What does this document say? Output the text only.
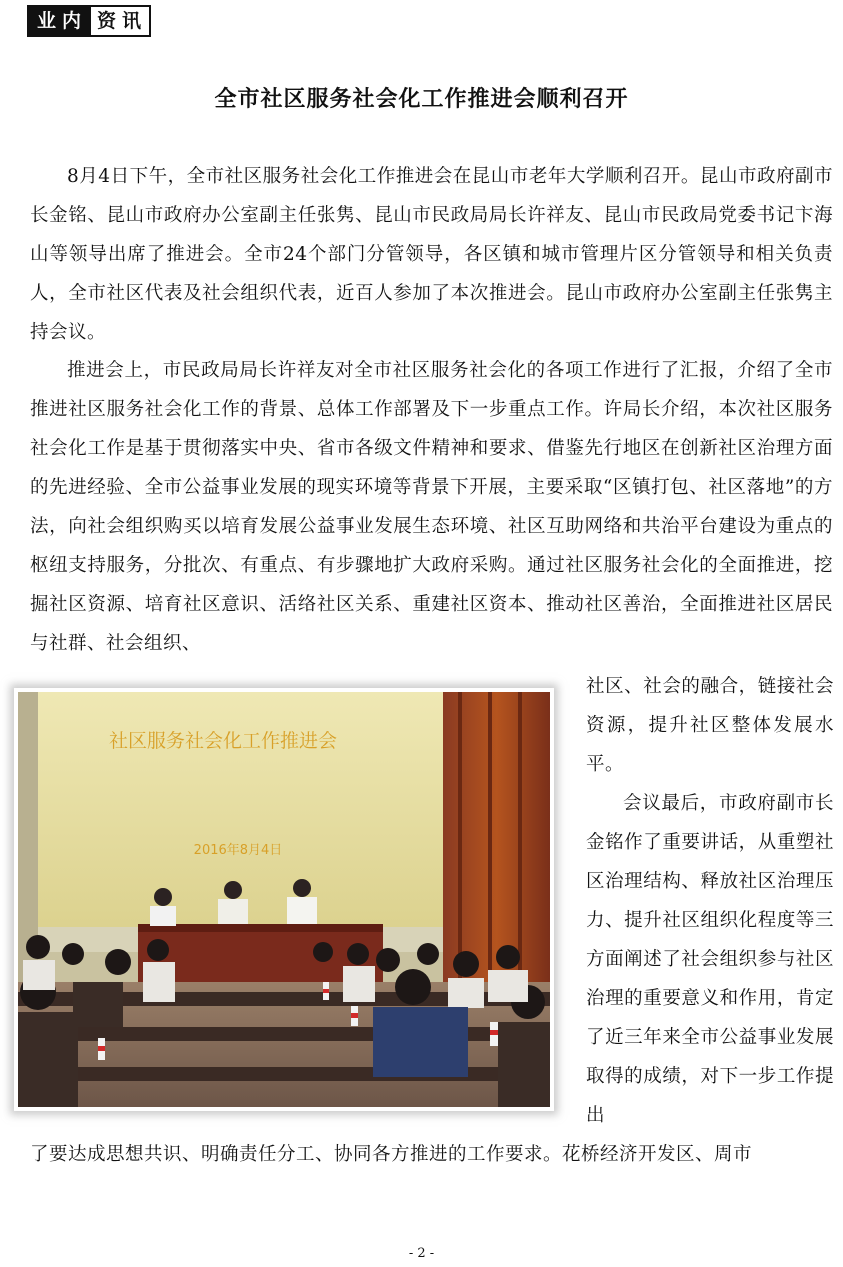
业内 资讯
全市社区服务社会化工作推进会顺利召开
8月4日下午，全市社区服务社会化工作推进会在昆山市老年大学顺利召开。昆山市政府副市长金铭、昆山市政府办公室副主任张隽、昆山市民政局局长许祥友、昆山市民政局党委书记卞海山等领导出席了推进会。全市24个部门分管领导，各区镇和城市管理片区分管领导和相关负责人，全市社区代表及社会组织代表，近百人参加了本次推进会。昆山市政府办公室副主任张隽主持会议。
推进会上，市民政局局长许祥友对全市社区服务社会化的各项工作进行了汇报，介绍了全市推进社区服务社会化工作的背景、总体工作部署及下一步重点工作。许局长介绍，本次社区服务社会化工作是基于贯彻落实中央、省市各级文件精神和要求、借鉴先行地区在创新社区治理方面的先进经验、全市公益事业发展的现实环境等背景下开展，主要采取“区镇打包、社区落地”的方法，向社会组织购买以培育发展公益事业发展生态环境、社区互助网络和共治平台建设为重点的枢纽支持服务，分批次、有重点、有步骤地扩大政府采购。通过社区服务社会化的全面推进，挖掘社区资源、培育社区意识、活络社区关系、重建社区资本、推动社区善治，全面推进社区居民与社群、社会组织、
社区服务社会化工作推进会
2016年8月4日
社区、社会的融合，链接社会资源，提升社区整体发展水平。
会议最后，市政府副市长金铭作了重要讲话，从重塑社区治理结构、释放社区治理压力、提升社区组织化程度等三方面阐述了社会组织参与社区治理的重要意义和作用，肯定了近三年来全市公益事业发展取得的成绩，对下一步工作提出
了要达成思想共识、明确责任分工、协同各方推进的工作要求。花桥经济开发区、周市
- 2 -
